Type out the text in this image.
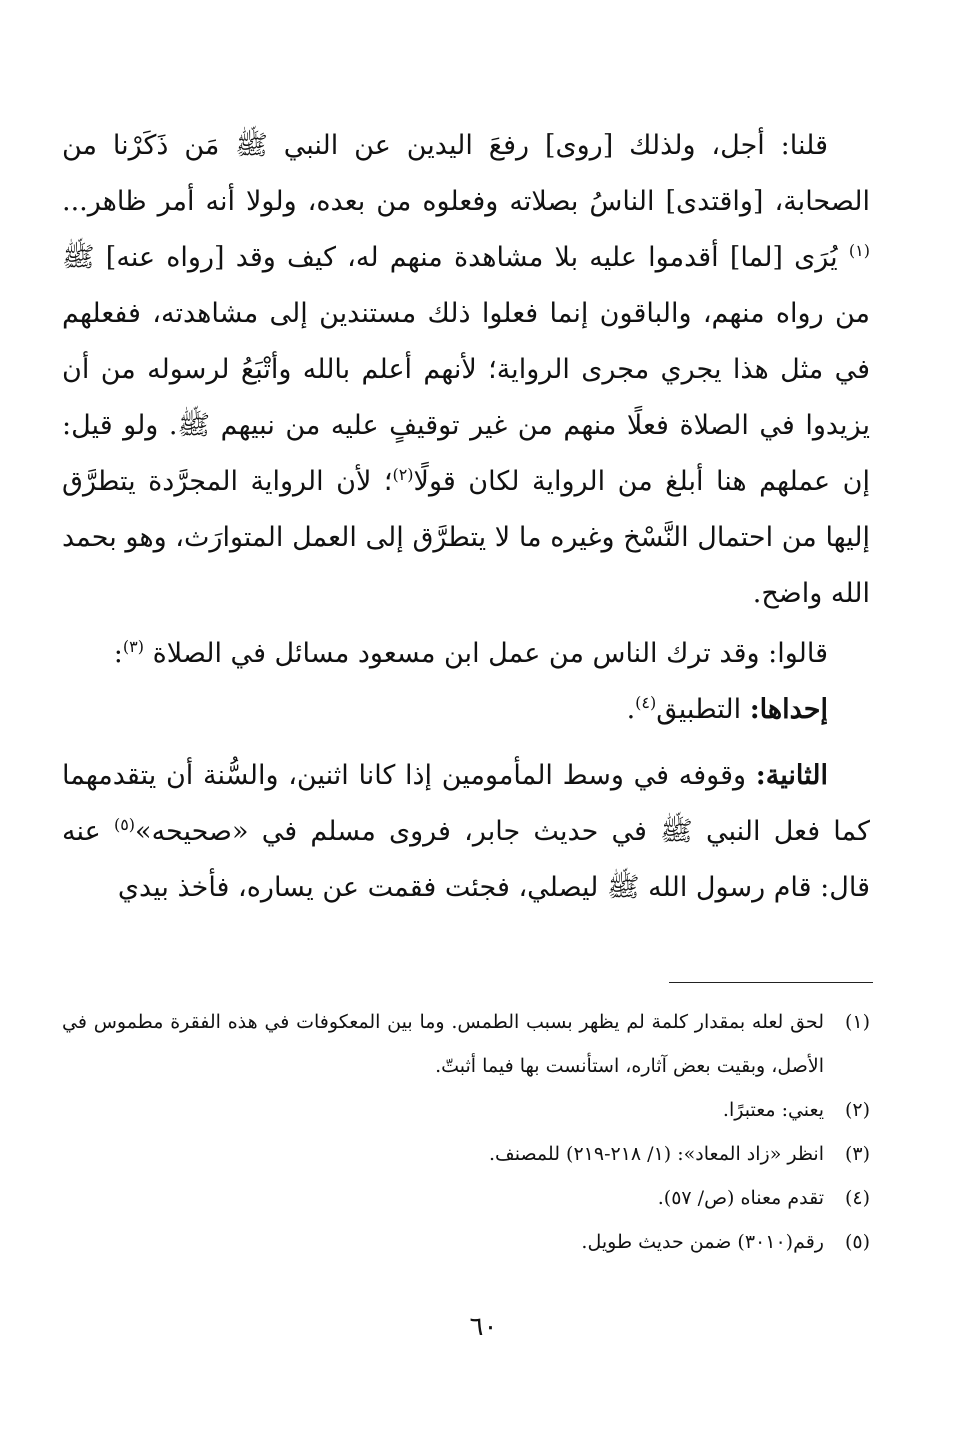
قلنا: أجل، ولذلك [روى] رفعَ اليدين عن النبي ﷺ مَن ذَكَرْنا من الصحابة، [واقتدى] الناسُ بصلاته وفعلوه من بعده، ولولا أنه أمر ظاهر... $^{(١)}$ يُرَى [لما] أقدموا عليه بلا مشاهدة منهم له، كيف وقد [رواه عنه] ﷺ من رواه منهم، والباقون إنما فعلوا ذلك مستندين إلى مشاهدته، ففعلهم في مثل هذا يجري مجرى الرواية؛ لأنهم أعلم بالله وأتْبَعُ لرسوله من أن يزيدوا في الصلاة فعلًا منهم من غير توقيفٍ عليه من نبيهم ﷺ. ولو قيل: إن عملهم هنا أبلغ من الرواية لكان قولًا$^{(٢)}$؛ لأن الرواية المجرَّدة يتطرَّق إليها من احتمال النَّسْخ وغيره ما لا يتطرَّق إلى العمل المتوارَث، وهو بحمد الله واضح.

قالوا: وقد ترك الناس من عمل ابن مسعود مسائل في الصلاة $^{(٣)}$:

إحداها: التطبيق$^{(٤)}$.

الثانية: وقوفه في وسط المأمومين إذا كانا اثنين، والسُّنة أن يتقدمهما كما فعل النبي ﷺ في حديث جابر، فروى مسلم في «صحيحه»$^{(٥)}$ عنه قال: قام رسول الله ﷺ ليصلي، فجئت فقمت عن يساره، فأخذ بيدي

(١)
لحق لعله بمقدار كلمة لم يظهر بسبب الطمس. وما بين المعكوفات في هذه الفقرة مطموس في الأصل، وبقيت بعض آثاره، استأنست بها فيما أثبتّ.
(٢)
يعني: معتبرًا.
(٣)
انظر «زاد المعاد»: (١/ ٢١٨-٢١٩) للمصنف.
(٤)
تقدم معناه (ص/ ٥٧).
(٥)
رقم(٣٠١٠) ضمن حديث طويل.
٦٠
